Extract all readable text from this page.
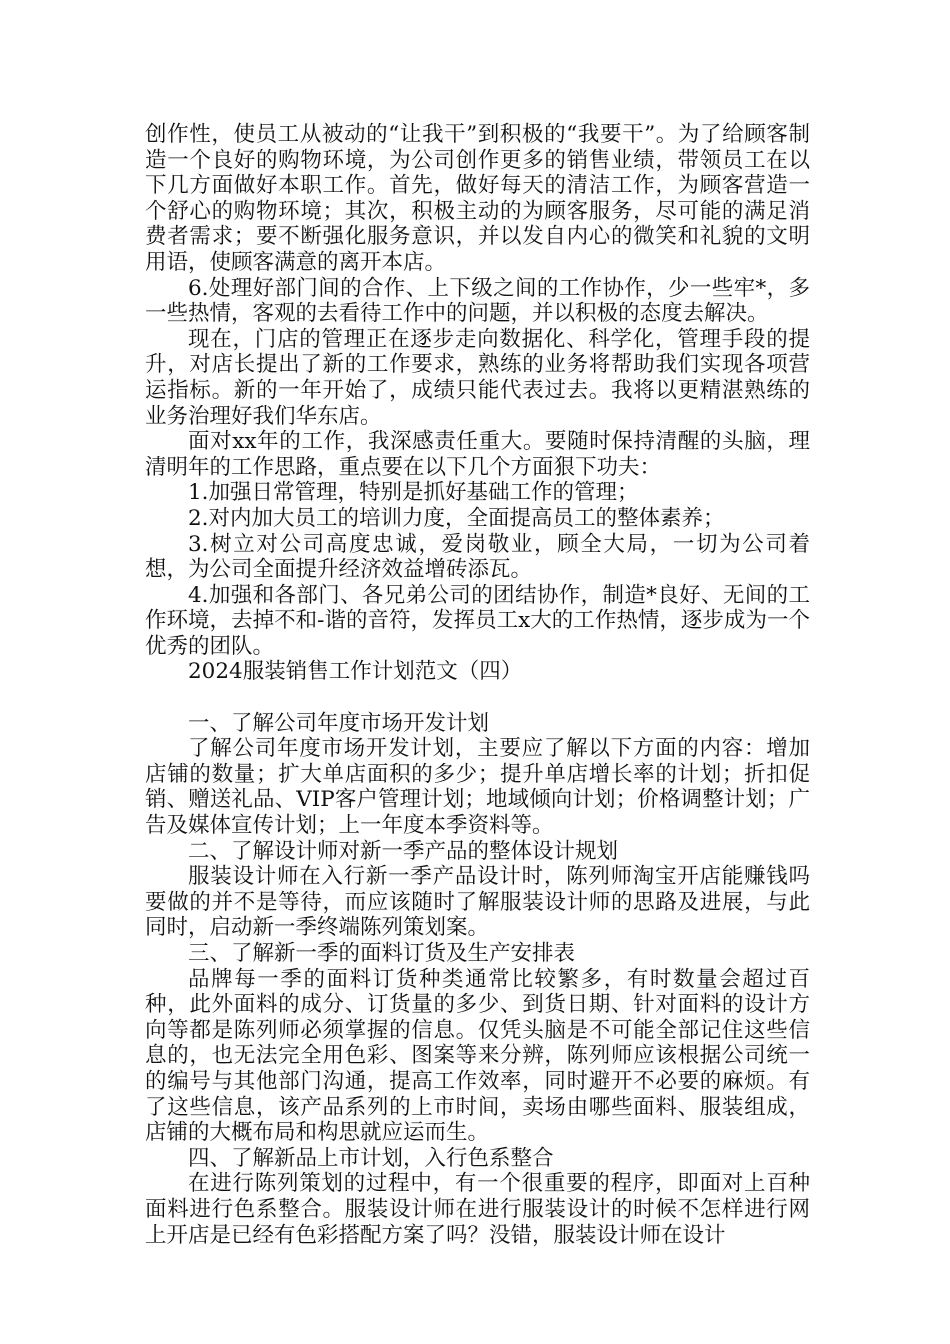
创作性，使员工从被动的“让我干”到积极的“我要干”。为了给顾客制造一个良好的购物环境，为公司创作更多的销售业绩，带领员工在以下几方面做好本职工作。首先，做好每天的清洁工作，为顾客营造一个舒心的购物环境；其次，积极主动的为顾客服务，尽可能的满足消费者需求；要不断强化服务意识，并以发自内心的微笑和礼貌的文明用语，使顾客满意的离开本店。

6.处理好部门间的合作、上下级之间的工作协作，少一些牢*，多一些热情，客观的去看待工作中的问题，并以积极的态度去解决。

现在，门店的管理正在逐步走向数据化、科学化，管理手段的提升，对店长提出了新的工作要求，熟练的业务将帮助我们实现各项营运指标。新的一年开始了，成绩只能代表过去。我将以更精湛熟练的业务治理好我们华东店。

面对xx年的工作，我深感责任重大。要随时保持清醒的头脑，理清明年的工作思路，重点要在以下几个方面狠下功夫：

1.加强日常管理，特别是抓好基础工作的管理；

2.对内加大员工的培训力度，全面提高员工的整体素养；

3.树立对公司高度忠诚，爱岗敬业，顾全大局，一切为公司着想，为公司全面提升经济效益增砖添瓦。

4.加强和各部门、各兄弟公司的团结协作，制造*良好、无间的工作环境，去掉不和-谐的音符，发挥员工x大的工作热情，逐步成为一个优秀的团队。

2024服装销售工作计划范文（四）

一、了解公司年度市场开发计划

了解公司年度市场开发计划，主要应了解以下方面的内容：增加店铺的数量；扩大单店面积的多少；提升单店增长率的计划；折扣促销、赠送礼品、VIP客户管理计划；地域倾向计划；价格调整计划；广告及媒体宣传计划；上一年度本季资料等。

二、了解设计师对新一季产品的整体设计规划

服装设计师在入行新一季产品设计时，陈列师淘宝开店能赚钱吗要做的并不是等待，而应该随时了解服装设计师的思路及进展，与此同时，启动新一季终端陈列策划案。

三、了解新一季的面料订货及生产安排表

品牌每一季的面料订货种类通常比较繁多，有时数量会超过百种，此外面料的成分、订货量的多少、到货日期、针对面料的设计方向等都是陈列师必须掌握的信息。仅凭头脑是不可能全部记住这些信息的，也无法完全用色彩、图案等来分辨，陈列师应该根据公司统一的编号与其他部门沟通，提高工作效率，同时避开不必要的麻烦。有了这些信息，该产品系列的上市时间，卖场由哪些面料、服装组成，店铺的大概布局和构思就应运而生。

四、了解新品上市计划，入行色系整合

在进行陈列策划的过程中，有一个很重要的程序，即面对上百种面料进行色系整合。服装设计师在进行服装设计的时候不怎样进行网上开店是已经有色彩搭配方案了吗？没错，服装设计师在设计
